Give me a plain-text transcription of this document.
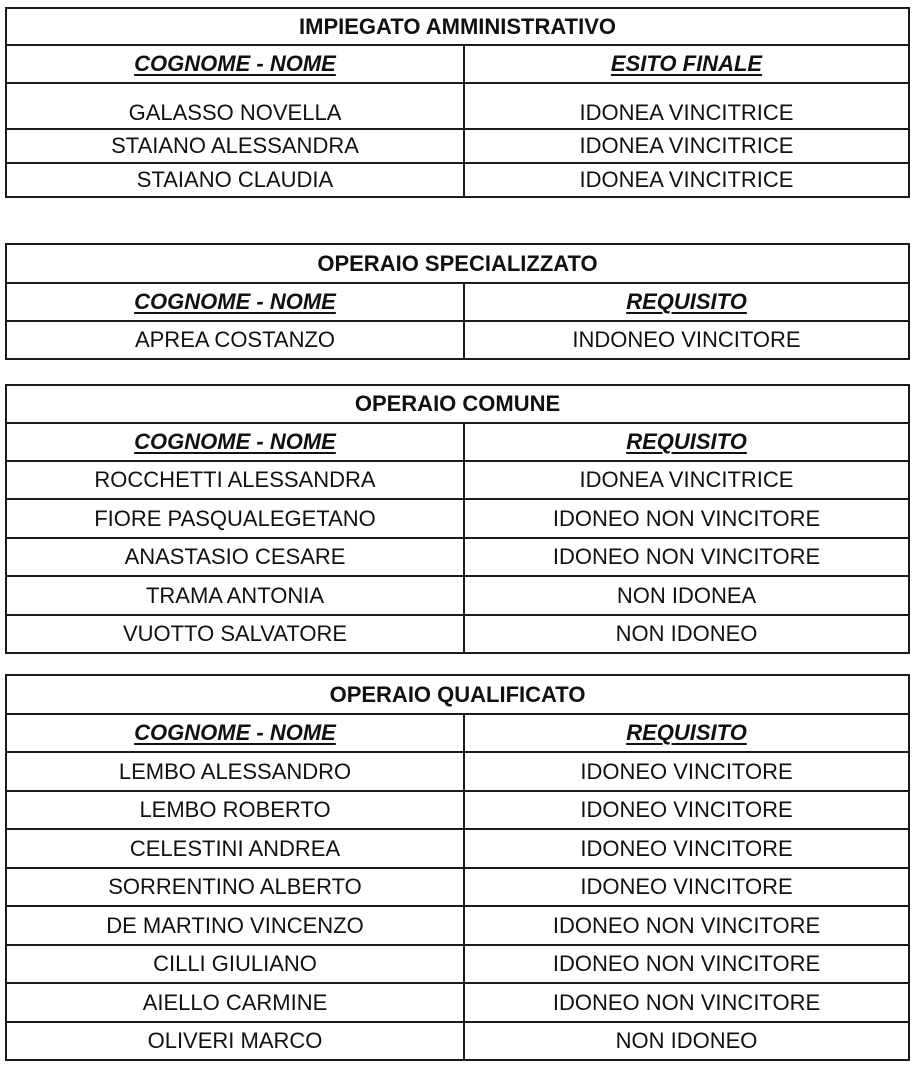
IMPIEGATO AMMINISTRATIVO	
COGNOME - NOME	ESITO FINALE
GALASSO NOVELLA	IDONEA VINCITRICE
STAIANO ALESSANDRA	IDONEA VINCITRICE
STAIANO CLAUDIA	IDONEA VINCITRICE
OPERAIO SPECIALIZZATO	
COGNOME - NOME	REQUISITO
APREA COSTANZO	INDONEO VINCITORE
OPERAIO COMUNE	
COGNOME - NOME	REQUISITO
ROCCHETTI ALESSANDRA	IDONEA VINCITRICE
FIORE PASQUALEGETANO	IDONEO NON VINCITORE
ANASTASIO CESARE	IDONEO NON VINCITORE
TRAMA ANTONIA	NON IDONEA
VUOTTO SALVATORE	NON IDONEO
OPERAIO QUALIFICATO	
COGNOME - NOME	REQUISITO
LEMBO ALESSANDRO	IDONEO VINCITORE
LEMBO ROBERTO	IDONEO VINCITORE
CELESTINI ANDREA	IDONEO VINCITORE
SORRENTINO ALBERTO	IDONEO VINCITORE
DE MARTINO VINCENZO	IDONEO NON VINCITORE
CILLI GIULIANO	IDONEO NON VINCITORE
AIELLO CARMINE	IDONEO NON VINCITORE
OLIVERI MARCO	NON IDONEO
